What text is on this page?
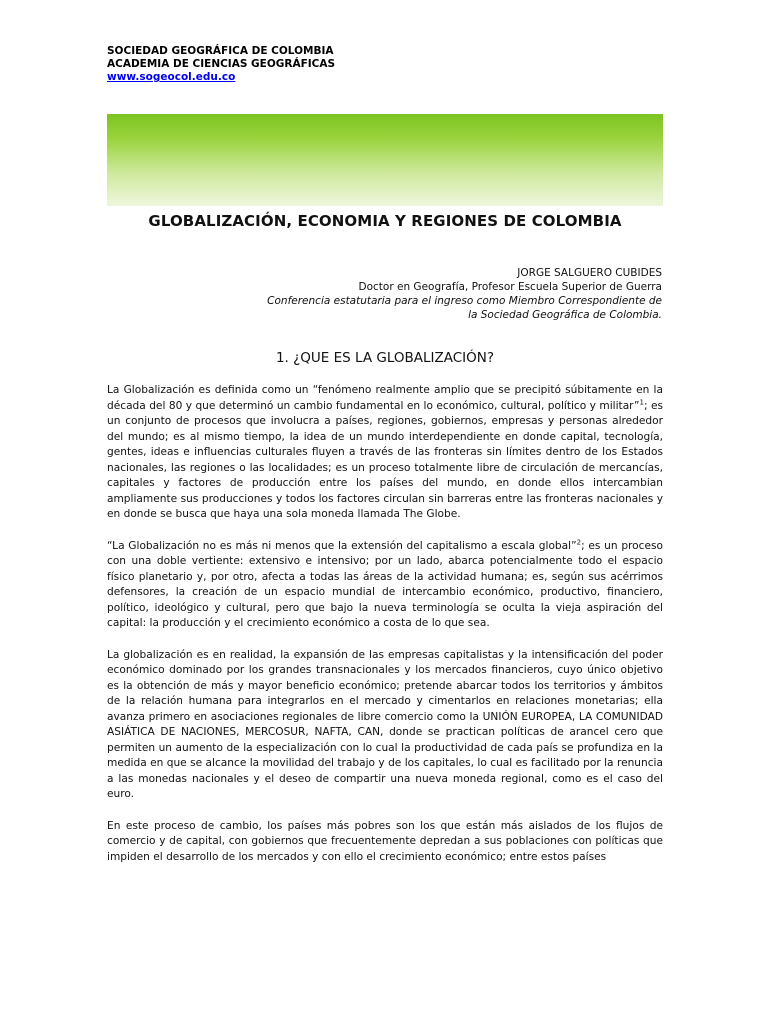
SOCIEDAD GEOGRÁFICA DE COLOMBIA
ACADEMIA DE CIENCIAS GEOGRÁFICAS
www.sogeocol.edu.co
GLOBALIZACIÓN, ECONOMIA Y REGIONES DE COLOMBIA
JORGE SALGUERO CUBIDES
Doctor en Geografía, Profesor Escuela Superior de Guerra
Conferencia estatutaria para el ingreso como Miembro Correspondiente de
la Sociedad Geográfica de Colombia.
1. ¿QUE ES LA GLOBALIZACIÓN?

La Globalización es definida como un “fenómeno realmente amplio que se precipitó súbitamente en la década del 80 y que determinó un cambio fundamental en lo económico, cultural, político y militar”$^1$; es un conjunto de procesos que involucra a países, regiones, gobiernos, empresas y personas alrededor del mundo; es al mismo tiempo, la idea de un mundo interdependiente en donde capital, tecnología, gentes, ideas e influencias culturales fluyen a través de las fronteras sin límites dentro de los Estados nacionales, las regiones o las localidades; es un proceso totalmente libre de circulación de mercancías, capitales y factores de producción entre los países del mundo, en donde ellos intercambian ampliamente sus producciones y todos los factores circulan sin barreras entre las fronteras nacionales y en donde se busca que haya una sola moneda llamada The Globe.

“La Globalización no es más ni menos que la extensión del capitalismo a escala global”$^2$; es un proceso con una doble vertiente: extensivo e intensivo; por un lado, abarca potencialmente todo el espacio físico planetario y, por otro, afecta a todas las áreas de la actividad humana; es, según sus acérrimos defensores, la creación de un espacio mundial de intercambio económico, productivo, financiero, político, ideológico y cultural, pero que bajo la nueva terminología se oculta la vieja aspiración del capital: la producción y el crecimiento económico a costa de lo que sea.

La globalización es en realidad, la expansión de las empresas capitalistas y la intensificación del poder económico dominado por los grandes transnacionales y los mercados financieros, cuyo único objetivo es la obtención de más y mayor beneficio económico; pretende abarcar todos los territorios y ámbitos de la relación humana para integrarlos en el mercado y cimentarlos en relaciones monetarias; ella avanza primero en asociaciones regionales de libre comercio como la UNIÓN EUROPEA, LA COMUNIDAD ASIÁTICA DE NACIONES, MERCOSUR, NAFTA, CAN, donde se practican políticas de arancel cero que permiten un aumento de la especialización con lo cual la productividad de cada país se profundiza en la medida en que se alcance la movilidad del trabajo y de los capitales, lo cual es facilitado por la renuncia a las monedas nacionales y el deseo de compartir una nueva moneda regional, como es el caso del euro.

En este proceso de cambio, los países más pobres son los que están más aislados de los flujos de comercio y de capital, con gobiernos que frecuentemente depredan a sus poblaciones con políticas que impiden el desarrollo de los mercados y con ello el crecimiento económico; entre estos países
